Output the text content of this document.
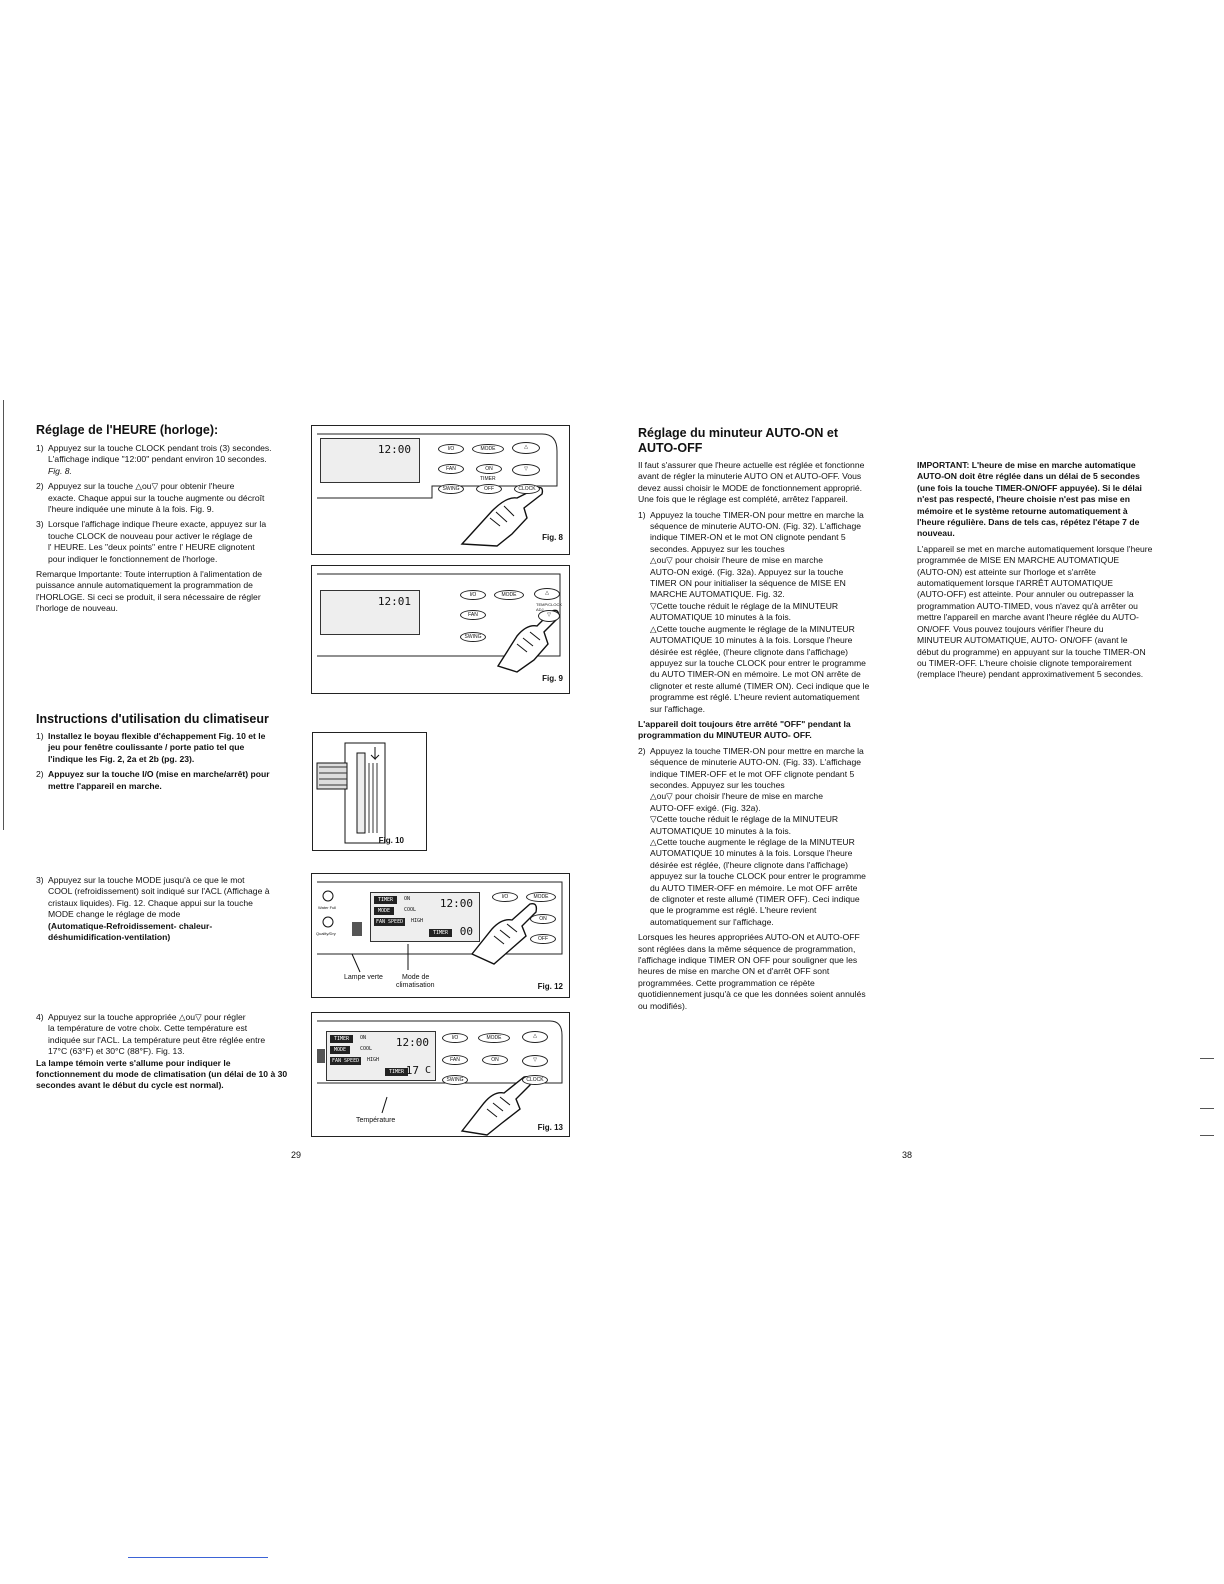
Réglage de l'HEURE (horloge):
1) Appuyez sur la touche CLOCK pendant trois (3) secondes.
L'affichage indique "12:00" pendant environ 10 secondes.
Fig. 8.
2) Appuyez sur la touche △ou▽ pour obtenir l'heure
exacte. Chaque appui sur la touche augmente ou décroît
l'heure indiquée une minute à la fois. Fig. 9.
3) Lorsque l'affichage indique l'heure exacte, appuyez sur la
touche CLOCK de nouveau pour activer le réglage de
l' HEURE. Les "deux points" entre l' HEURE clignotent
pour indiquer le fonctionnement de l'horloge.
Remarque Importante: Toute interruption à l'alimentation de
puissance annule automatiquement la programmation de
l'HORLOGE. Si ceci se produit, il sera nécessaire de régler
l'horloge de nouveau.
Instructions d'utilisation du climatiseur
1) Installez le boyau flexible d'échappement Fig. 10 et le
jeu pour fenêtre coulissante / porte patio tel que
l'indique les Fig. 2, 2a et 2b (pg. 23).
2) Appuyez sur la touche I/O (mise en marche/arrêt) pour
mettre l'appareil en marche.
3) Appuyez sur la touche MODE jusqu'à ce que le mot
COOL (refroidissement) soit indiqué sur l'ACL (Affichage à
cristaux liquides). Fig. 12. Chaque appui sur la touche
MODE change le réglage de mode
(Automatique-Refroidissement- chaleur-
déshumidification-ventilation)
4) Appuyez sur la touche appropriée △ou▽ pour régler
la température de votre choix. Cette température est
indiquée sur l'ACL. La température peut être réglée entre
17°C (63°F) et 30°C (88°F). Fig. 13.
La lampe témoin verte s'allume pour indiquer le
fonctionnement du mode de climatisation (un délai de 10 à 30
secondes avant le début du cycle est normal).
29
12:00	I/O	MODE	△
FAN	ON	▽
TIMER
SWING	OFF	CLOCK
Fig. 8
12:01	I/O	MODE	△
FAN	▽
SWING
TEMP/CLOCK ADJ
Fig. 9
Fig. 10
Water Full
Quality/Dry
TIMER	ON
MODE	COOL
FAN SPEED	HIGH
12:00
TIMER	00
I/O	MODE
ON
OFF
Lampe verte	Mode de
climatisation	Fig. 12
TIMER	ON
MODE	COOL
FAN SPEED	HIGH
12:00
TIMER 17 C
I/O	MODE	△
FAN	ON	▽
SWING	CLOCK
Température
Fig. 13
Réglage du minuteur AUTO-ON et
AUTO-OFF
Il faut s'assurer que l'heure actuelle est réglée et fonctionne
avant de régler la minuterie AUTO ON et AUTO-OFF. Vous
devez aussi choisir le MODE de fonctionnement approprié.
Une fois que le réglage est complété, arrêtez l'appareil.
1) Appuyez la touche TIMER-ON pour mettre en marche la
séquence de minuterie AUTO-ON. (Fig. 32). L'affichage
indique TIMER-ON et le mot ON clignote pendant 5
secondes. Appuyez sur les touches
△ou▽ pour choisir l'heure de mise en marche
AUTO-ON exigé. (Fig. 32a). Appuyez sur la touche
TIMER ON pour initialiser la séquence de MISE EN
MARCHE AUTOMATIQUE. Fig. 32.
▽Cette touche réduit le réglage de la MINUTEUR
AUTOMATIQUE 10 minutes à la fois.
△Cette touche augmente le réglage de la MINUTEUR
AUTOMATIQUE 10 minutes à la fois. Lorsque l'heure
désirée est réglée, (l'heure clignote dans l'affichage)
appuyez sur la touche CLOCK pour entrer le programme
du AUTO TIMER-ON en mémoire. Le mot ON arrête de
clignoter et reste allumé (TIMER ON). Ceci indique que le
programme est réglé. L'heure revient automatiquement
sur l'affichage.
L'appareil doit toujours être arrêté "OFF" pendant la
programmation du MINUTEUR AUTO- OFF.
2) Appuyez la touche TIMER-ON pour mettre en marche la
séquence de minuterie AUTO-ON. (Fig. 33). L'affichage
indique TIMER-OFF et le mot OFF clignote pendant 5
secondes. Appuyez sur les touches
△ou▽ pour choisir l'heure de mise en marche
AUTO-OFF exigé. (Fig. 32a).
▽Cette touche réduit le réglage de la MINUTEUR
AUTOMATIQUE 10 minutes à la fois.
△Cette touche augmente le réglage de la MINUTEUR
AUTOMATIQUE 10 minutes à la fois. Lorsque l'heure
désirée est réglée, (l'heure clignote dans l'affichage)
appuyez sur la touche CLOCK pour entrer le programme
du AUTO TIMER-OFF en mémoire. Le mot OFF arrête
de clignoter et reste allumé (TIMER OFF). Ceci indique
que le programme est réglé. L'heure revient
automatiquement sur l'affichage.
Lorsques les heures appropriées AUTO-ON et AUTO-OFF
sont réglées dans la même séquence de programmation,
l'affichage indique TIMER ON OFF pour souligner que les
heures de mise en marche ON et d'arrêt OFF sont
programmées. Cette programmation ce répète
quotidiennement jusqu'à ce que les données soient annulés
ou modifiés).
IMPORTANT: L'heure de mise en marche automatique
AUTO-ON doit être réglée dans un délai de 5 secondes
(une fois la touche TIMER-ON/OFF appuyée). Si le délai
n'est pas respecté, l'heure choisie n'est pas mise en
mémoire et le système retourne automatiquement à
l'heure régulière. Dans de tels cas, répétez l'étape 7 de
nouveau.
L'appareil se met en marche automatiquement lorsque l'heure
programmée de MISE EN MARCHE AUTOMATIQUE
(AUTO-ON) est atteinte sur l'horloge et s'arrête
automatiquement lorsque l'ARRÊT AUTOMATIQUE
(AUTO-OFF) est atteinte. Pour annuler ou outrepasser la
programmation AUTO-TIMED, vous n'avez qu'à arrêter ou
mettre l'appareil en marche avant l'heure réglée du AUTO-
ON/OFF. Vous pouvez toujours vérifier l'heure du
MINUTEUR AUTOMATIQUE, AUTO- ON/OFF (avant le
début du programme) en appuyant sur la touche TIMER-ON
ou TIMER-OFF. L'heure choisie clignote temporairement
(remplace l'heure) pendant approximativement 5 secondes.
38
